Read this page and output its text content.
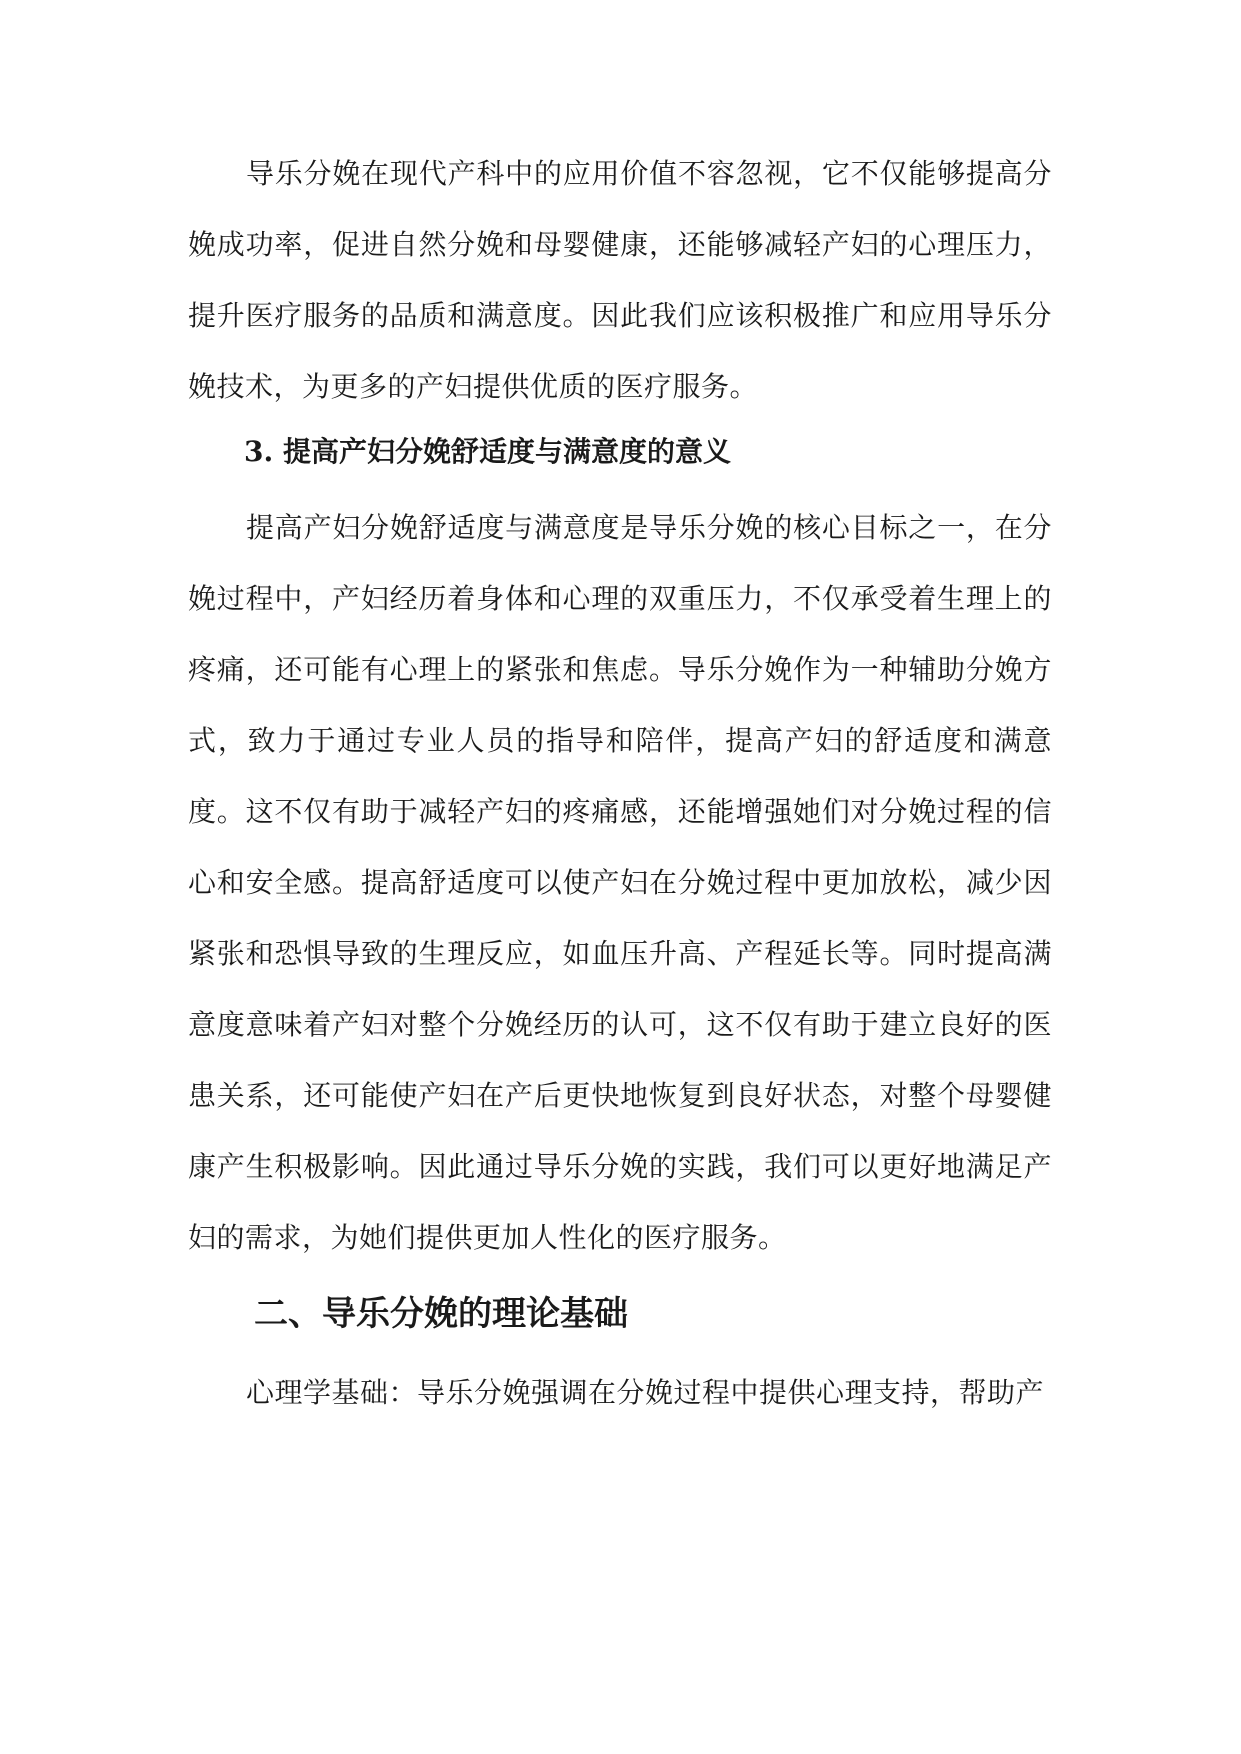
导乐分娩在现代产科中的应用价值不容忽视，它不仅能够提高分娩成功率，促进自然分娩和母婴健康，还能够减轻产妇的心理压力，提升医疗服务的品质和满意度。因此我们应该积极推广和应用导乐分娩技术，为更多的产妇提供优质的医疗服务。

3. 提高产妇分娩舒适度与满意度的意义

提高产妇分娩舒适度与满意度是导乐分娩的核心目标之一，在分娩过程中，产妇经历着身体和心理的双重压力，不仅承受着生理上的疼痛，还可能有心理上的紧张和焦虑。导乐分娩作为一种辅助分娩方式，致力于通过专业人员的指导和陪伴，提高产妇的舒适度和满意度。这不仅有助于减轻产妇的疼痛感，还能增强她们对分娩过程的信心和安全感。提高舒适度可以使产妇在分娩过程中更加放松，减少因紧张和恐惧导致的生理反应，如血压升高、产程延长等。同时提高满意度意味着产妇对整个分娩经历的认可，这不仅有助于建立良好的医患关系，还可能使产妇在产后更快地恢复到良好状态，对整个母婴健康产生积极影响。因此通过导乐分娩的实践，我们可以更好地满足产妇的需求，为她们提供更加人性化的医疗服务。

二、导乐分娩的理论基础

心理学基础：导乐分娩强调在分娩过程中提供心理支持，帮助产
